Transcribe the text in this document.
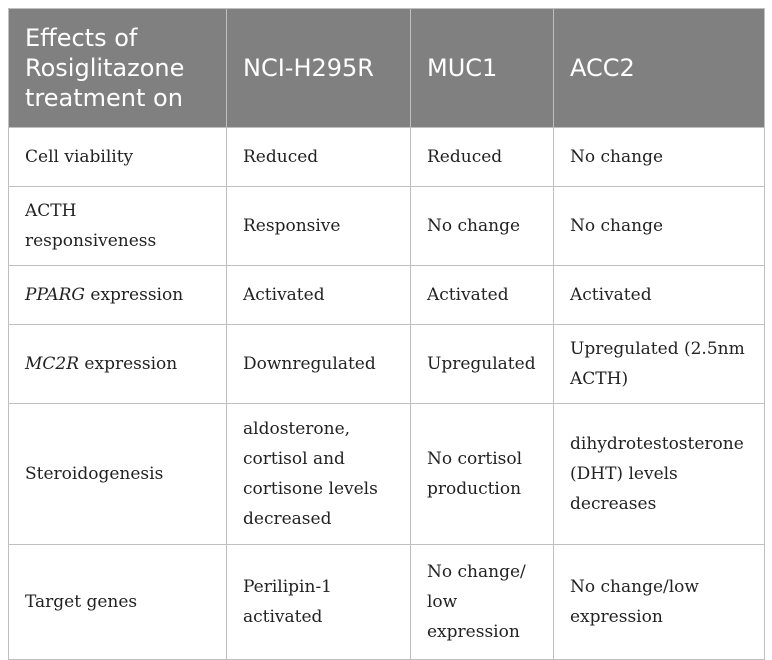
Effects of Rosiglitazone treatment on	NCI-H295R	MUC1	ACC2
Cell viability	Reduced	Reduced	No change
ACTH responsiveness	Responsive	No change	No change
PPARG expression	Activated	Activated	Activated
MC2R expression	Downregulated	Upregulated	Upregulated (2.5nm ACTH)
Steroidogenesis	aldosterone, cortisol and cortisone levels decreased	No cortisol production	dihydrotestosterone (DHT) levels decreases
Target genes	Perilipin-1 activated	No change/ low expression	No change/low expression
